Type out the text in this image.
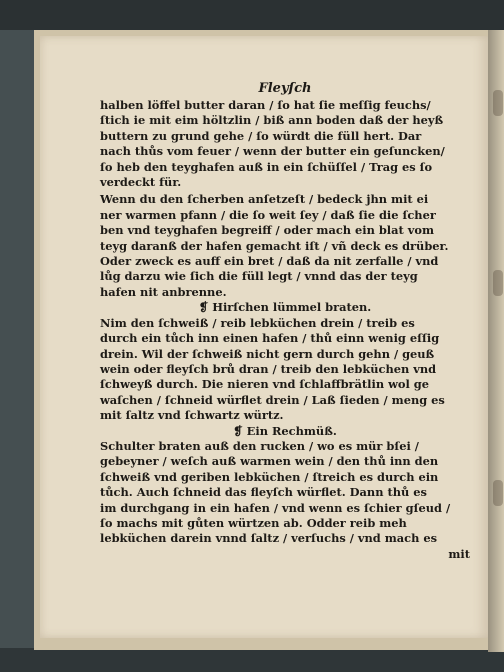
Fleyſch
halben löffel butter daran / ſo hat ſie meſſig feuchs/
ſtich ie mit eim höltzlin / biß ann boden daß der heyß
buttern zu grund gehe / ſo würdt die füll hert. Dar
nach thůs vom feuer / wenn der butter ein geſuncken/
ſo heb den teyghafen auß in ein ſchüſſel / Trag es ſo
verdeckt für.
Wenn du den ſcherben anſetzeſt / bedeck jhn mit ei
ner warmen pfann / die ſo weit ſey / daß ſie die ſcher
ben vnd teyghafen begreiff / oder mach ein blat vom
teyg daranß der hafen gemacht iſt / vñ deck es drüber.
Oder zweck es auff ein bret / daß da nit zerfalle / vnd
lůg darzu wie ſich die füll legt / vnnd das der teyg
hafen nit anbrenne.
❡ Hirſchen lümmel braten.
Nim den ſchweiß / reib lebküchen drein / treib es
durch ein tůch inn einen hafen / thů einn wenig eſſig
drein. Wil der ſchweiß nicht gern durch gehn / geuß
wein oder fleyſch brů dran / treib den lebküchen vnd
ſchweyß durch. Die nieren vnd ſchlaffbrätlin wol ge
waſchen / ſchneid würflet drein / Laß ſieden / meng es
mit ſaltz vnd ſchwartz würtz.
❡ Ein Rechmüß.
Schulter braten auß den rucken / wo es mür bſei /
gebeyner / weſch auß warmen wein / den thů inn den
ſchweiß vnd geriben lebküchen / ſtreich es durch ein
tůch. Auch ſchneid das fleyſch würflet. Dann thů es
im durchgang in ein hafen / vnd wenn es ſchier gſeud /
ſo machs mit gůten würtzen ab. Odder reib meh
lebküchen darein vnnd ſaltz / verſuchs / vnd mach es
mit
